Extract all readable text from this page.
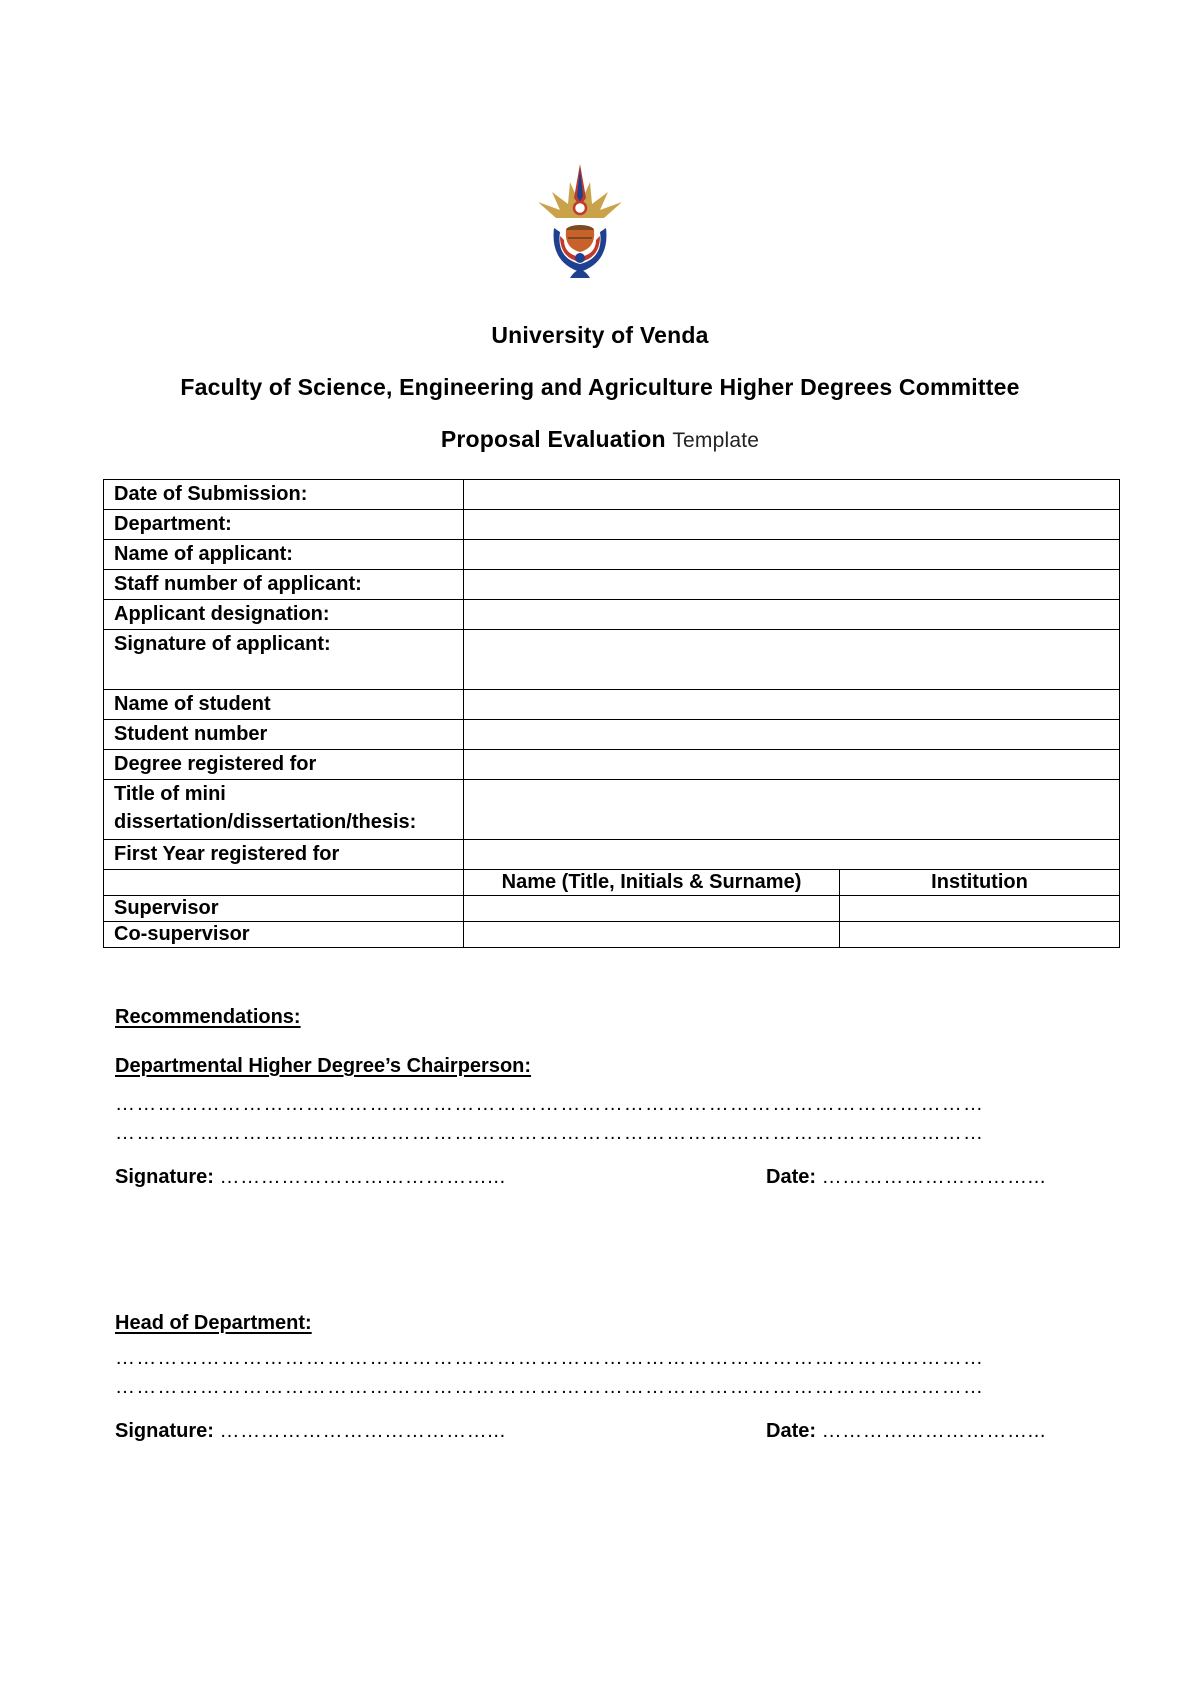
University of Venda
Faculty of Science, Engineering and Agriculture Higher Degrees Committee
Proposal Evaluation Template
Date of Submission:		
Department:		
Name of applicant:		
Staff number of applicant:		
Applicant designation:		
Signature of applicant:		
Name of student		
Student number		
Degree registered for		
Title of mini dissertation/dissertation/thesis:		
First Year registered for		
	Name (Title, Initials & Surname)	Institution
Supervisor		
Co-supervisor		
Recommendations:
Departmental Higher Degree’s Chairperson:
……………………………………………………………………………………………………………
……………………………………………………………………………………………………………
Signature: …………………………………...	Date: …………………………...
Head of Department:
……………………………………………………………………………………………………………
……………………………………………………………………………………………………………
Signature: …………………………………...	Date: …………………………...
